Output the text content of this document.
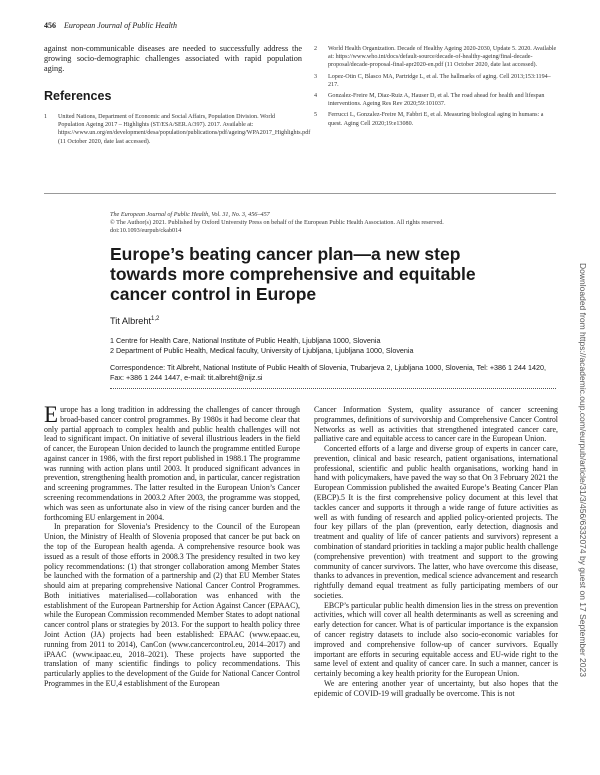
456 European Journal of Public Health
against non-communicable diseases are needed to successfully address the growing socio-demographic challenges associated with rapid population aging.
References
1 United Nations, Department of Economic and Social Affairs, Population Division. World Population Ageing 2017 – Highlights (ST/ESA/SER.A/397). 2017. Available at: https://www.un.org/en/development/desa/population/publications/pdf/ageing/WPA2017_Highlights.pdf (11 October 2020, date last accessed).
2 World Health Organization. Decade of Healthy Ageing 2020-2030, Update 5. 2020. Available at: https://www.who.int/docs/default-source/decade-of-healthy-ageing/final-decade-proposal/decade-proposal-final-apr2020-en.pdf (11 October 2020, date last accessed).
3 Lopez-Otin C, Blasco MA, Partridge L, et al. The hallmarks of aging. Cell 2013;153:1194–217.
4 Gonzalez-Freire M, Diaz-Ruiz A, Hauser D, et al. The road ahead for health and lifespan interventions. Ageing Res Rev 2020;59:101037.
5 Ferrucci L, Gonzalez-Freire M, Fabbri E, et al. Measuring biological aging in humans: a quest. Aging Cell 2020;19:e13080.
The European Journal of Public Health, Vol. 31, No. 3, 456–457
© The Author(s) 2021. Published by Oxford University Press on behalf of the European Public Health Association. All rights reserved.
doi:10.1093/eurpub/ckab014
Europe’s beating cancer plan—a new step towards more comprehensive and equitable cancer control in Europe
Tit Albreht$^{1,2}$
1 Centre for Health Care, National Institute of Public Health, Ljubljana 1000, Slovenia
2 Department of Public Health, Medical faculty, University of Ljubljana, Ljubljana 1000, Slovenia
Correspondence: Tit Albreht, National Institute of Public Health of Slovenia, Trubarjeva 2, Ljubljana 1000, Slovenia, Tel: +386 1 244 1420, Fax: +386 1 244 1447, e-mail: tit.albreht@nijz.si

Europe has a long tradition in addressing the challenges of cancer through broad-based cancer control programmes. By 1980s it had become clear that only partial approach to complex health and public health challenges will not lead to significant impact. On initiative of several illustrious leaders in the field of cancer, the European Union decided to launch the programme entitled Europe against cancer in 1986, with the first report published in 1988.1 The programme was running with action plans until 2003. It produced significant advances in prevention, strengthening health promotion and, in particular, cancer registration and screening programmes. The latter resulted in the European Union’s Cancer screening recommendations in 2003.2 After 2003, the programme was stopped, which was seen as unfortunate also in view of the rising cancer burden and the forthcoming EU enlargement in 2004.

In preparation for Slovenia’s Presidency to the Council of the European Union, the Ministry of Health of Slovenia proposed that cancer be put back on the top of the European health agenda. A comprehensive resource book was issued as a result of those efforts in 2008.3 The presidency resulted in two key policy recommendations: (1) that stronger collaboration among Member States be launched with the formation of a partnership and (2) that EU Member States should aim at preparing comprehensive National Cancer Control Programmes. Both initiatives materialised—collaboration was enhanced with the establishment of the European Partnership for Action Against Cancer (EPAAC), while the European Commission recommended Member States to adopt national cancer control plans or strategies by 2013. For the support to health policy three Joint Action (JA) projects had been established: EPAAC (www.epaac.eu, running from 2011 to 2014), CanCon (www.cancercontrol.eu, 2014–2017) and iPAAC (www.ipaac.eu, 2018–2021). These projects have supported the translation of many scientific findings to policy recommendations. This particularly applies to the development of the Guide for National Cancer Control Programmes in the EU,4 establishment of the European

Cancer Information System, quality assurance of cancer screening programmes, definitions of survivorship and Comprehensive Cancer Control Networks as well as activities that strengthened integrated cancer care, palliative care and equitable access to cancer care in the European Union.

Concerted efforts of a large and diverse group of experts in cancer care, prevention, clinical and basic research, patient organisations, international professional, scientific and public health organisations, working hand in hand with policymakers, have paved the way so that On 3 February 2021 the European Commission published the awaited Europe’s Beating Cancer Plan (EBCP).5 It is the first comprehensive policy document at this level that tackles cancer and supports it through a wide range of future activities as well as with funding of research and applied policy-oriented projects. The four key pillars of the plan (prevention, early detection, diagnosis and treatment and quality of life of cancer patients and survivors) represent a combination of standard priorities in tackling a major public health challenge (comprehensive prevention) with treatment and support to the growing community of cancer survivors. The latter, who have overcome this disease, thanks to advances in prevention, medical science advancement and research rightfully demand equal treatment as fully participating members of our societies.

EBCP’s particular public health dimension lies in the stress on prevention activities, which will cover all health determinants as well as screening and early detection for cancer. What is of particular importance is the expansion of cancer registry datasets to include also socio-economic variables for improved and comprehensive follow-up of cancer survivors. Equally important are efforts in securing equitable access and EU-wide right to the same level of extent and quality of cancer care. In such a manner, cancer is certainly becoming a key health priority for the European Union.

We are entering another year of uncertainty, but also hopes that the epidemic of COVID-19 will gradually be overcome. This is not

Downloaded from https://academic.oup.com/eurpub/article/31/3/456/6332074 by guest on 17 September 2023
